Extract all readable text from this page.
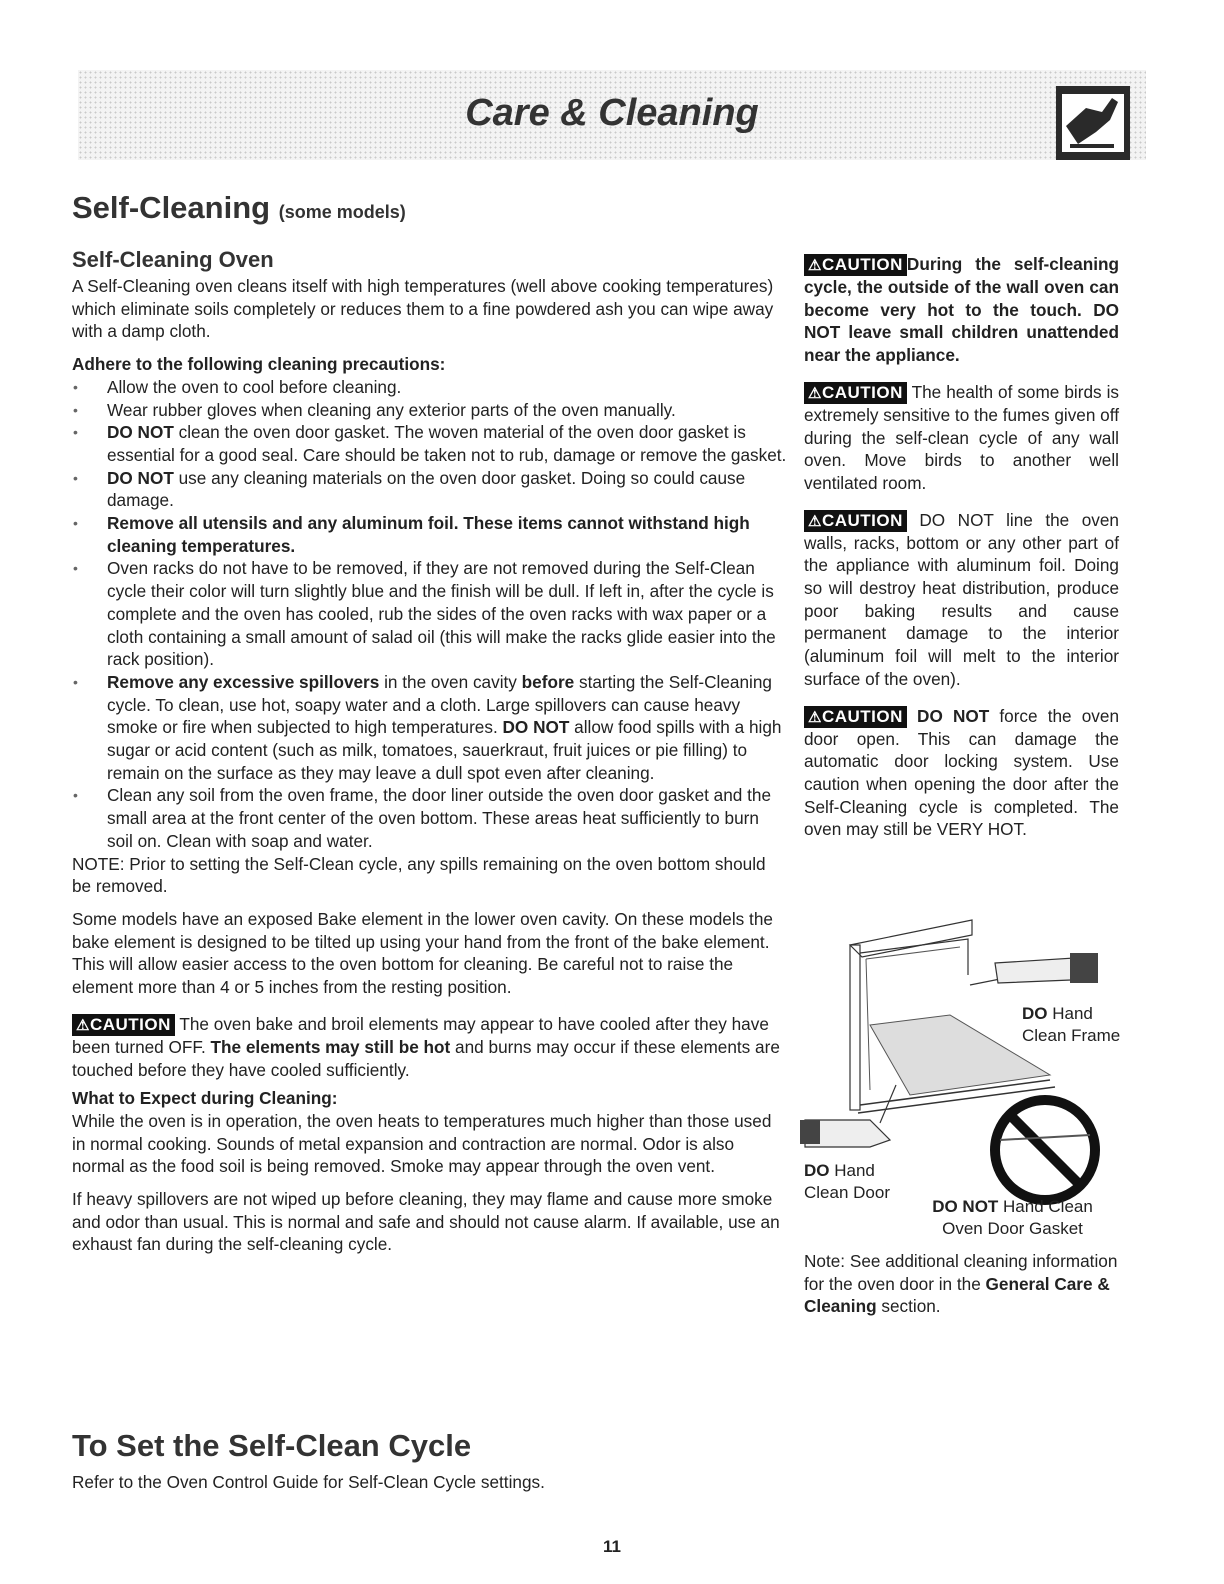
Care & Cleaning
Self-Cleaning (some models)
Self-Cleaning Oven

A Self-Cleaning oven cleans itself with high temperatures (well above cooking temperatures) which eliminate soils completely or reduces them to a fine powdered ash you can wipe away with a damp cloth.

Adhere to the following cleaning precautions:

• Allow the oven to cool before cleaning.
• Wear rubber gloves when cleaning any exterior parts of the oven manually.
• DO NOT clean the oven door gasket. The woven material of the oven door gasket is essential for a good seal. Care should be taken not to rub, damage or remove the gasket.
• DO NOT use any cleaning materials on the oven door gasket. Doing so could cause damage.
• Remove all utensils and any aluminum foil. These items cannot withstand high cleaning temperatures.
• Oven racks do not have to be removed, if they are not removed during the Self-Clean cycle their color will turn slightly blue and the finish will be dull. If left in, after the cycle is complete and the oven has cooled, rub the sides of the oven racks with wax paper or a cloth containing a small amount of salad oil (this will make the racks glide easier into the rack position).
• Remove any excessive spillovers in the oven cavity before starting the Self-Cleaning cycle. To clean, use hot, soapy water and a cloth. Large spillovers can cause heavy smoke or fire when subjected to high temperatures. DO NOT allow food spills with a high sugar or acid content (such as milk, tomatoes, sauerkraut, fruit juices or pie filling) to remain on the surface as they may leave a dull spot even after cleaning.
• Clean any soil from the oven frame, the door liner outside the oven door gasket and the small area at the front center of the oven bottom. These areas heat sufficiently to burn soil on. Clean with soap and water.

NOTE: Prior to setting the Self-Clean cycle, any spills remaining on the oven bottom should be removed.

Some models have an exposed Bake element in the lower oven cavity. On these models the bake element is designed to be tilted up using your hand from the front of the bake element. This will allow easier access to the oven bottom for cleaning. Be careful not to raise the element more than 4 or 5 inches from the resting position.

⚠CAUTION The oven bake and broil elements may appear to have cooled after they have been turned OFF. The elements may still be hot and burns may occur if these elements are touched before they have cooled sufficiently.

What to Expect during Cleaning:

While the oven is in operation, the oven heats to temperatures much higher than those used in normal cooking. Sounds of metal expansion and contraction are normal. Odor is also normal as the food soil is being removed. Smoke may appear through the oven vent.

If heavy spillovers are not wiped up before cleaning, they may flame and cause more smoke and odor than usual. This is normal and safe and should not cause alarm. If available, use an exhaust fan during the self-cleaning cycle.

⚠CAUTION During the self-cleaning cycle, the outside of the wall oven can become very hot to the touch. DO NOT leave small children unattended near the appliance.

⚠CAUTION The health of some birds is extremely sensitive to the fumes given off during the self-clean cycle of any wall oven. Move birds to another well ventilated room.

⚠CAUTION DO NOT line the oven walls, racks, bottom or any other part of the appliance with aluminum foil. Doing so will destroy heat distribution, produce poor baking results and cause permanent damage to the interior (aluminum foil will melt to the interior surface of the oven).

⚠CAUTION DO NOT force the oven door open. This can damage the automatic door locking system. Use caution when opening the door after the Self-Cleaning cycle is completed. The oven may still be VERY HOT.

DO Hand
Clean Frame
DO Hand
Clean Door
DO NOT Hand Clean
Oven Door Gasket
Note: See additional cleaning information for the oven door in the General Care & Cleaning section.
To Set the Self-Clean Cycle
Refer to the Oven Control Guide for Self-Clean Cycle settings.
11
